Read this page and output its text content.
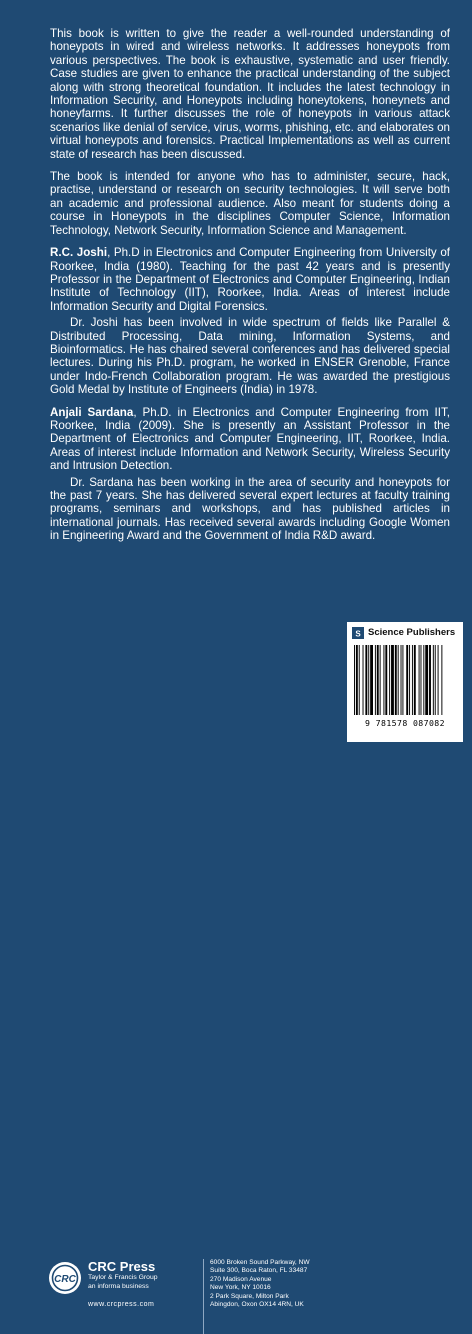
This book is written to give the reader a well-rounded understanding of honeypots in wired and wireless networks. It addresses honeypots from various perspectives. The book is exhaustive, systematic and user friendly. Case studies are given to enhance the practical understanding of the subject along with strong theoretical foundation. It includes the latest technology in Information Security, and Honeypots including honeytokens, honeynets and honeyfarms. It further discusses the role of honeypots in various attack scenarios like denial of service, virus, worms, phishing, etc. and elaborates on virtual honeypots and forensics. Practical Implementations as well as current state of research has been discussed.

The book is intended for anyone who has to administer, secure, hack, practise, understand or research on security technologies. It will serve both an academic and professional audience. Also meant for students doing a course in Honeypots in the disciplines Computer Science, Information Technology, Network Security, Information Science and Management.

R.C. Joshi, Ph.D in Electronics and Computer Engineering from University of Roorkee, India (1980). Teaching for the past 42 years and is presently Professor in the Department of Electronics and Computer Engineering, Indian Institute of Technology (IIT), Roorkee, India. Areas of interest include Information Security and Digital Forensics.

Dr. Joshi has been involved in wide spectrum of fields like Parallel & Distributed Processing, Data mining, Information Systems, and Bioinformatics. He has chaired several conferences and has delivered special lectures. During his Ph.D. program, he worked in ENSER Grenoble, France under Indo-French Collaboration program. He was awarded the prestigious Gold Medal by Institute of Engineers (India) in 1978.

Anjali Sardana, Ph.D. in Electronics and Computer Engineering from IIT, Roorkee, India (2009). She is presently an Assistant Professor in the Department of Electronics and Computer Engineering, IIT, Roorkee, India. Areas of interest include Information and Network Security, Wireless Security and Intrusion Detection.

Dr. Sardana has been working in the area of security and honeypots for the past 7 years. She has delivered several expert lectures at faculty training programs, seminars and workshops, and has published articles in international journals. Has received several awards including Google Women in Engineering Award and the Government of India R&D award.

CRC
CRC Press
Taylor & Francis Group
an informa business
www.crcpress.com
6000 Broken Sound Parkway, NW
Suite 300, Boca Raton, FL 33487
270 Madison Avenue
New York, NY 10016
2 Park Square, Milton Park
Abingdon, Oxon OX14 4RN, UK
S Science Publishers
9 781578 087082
